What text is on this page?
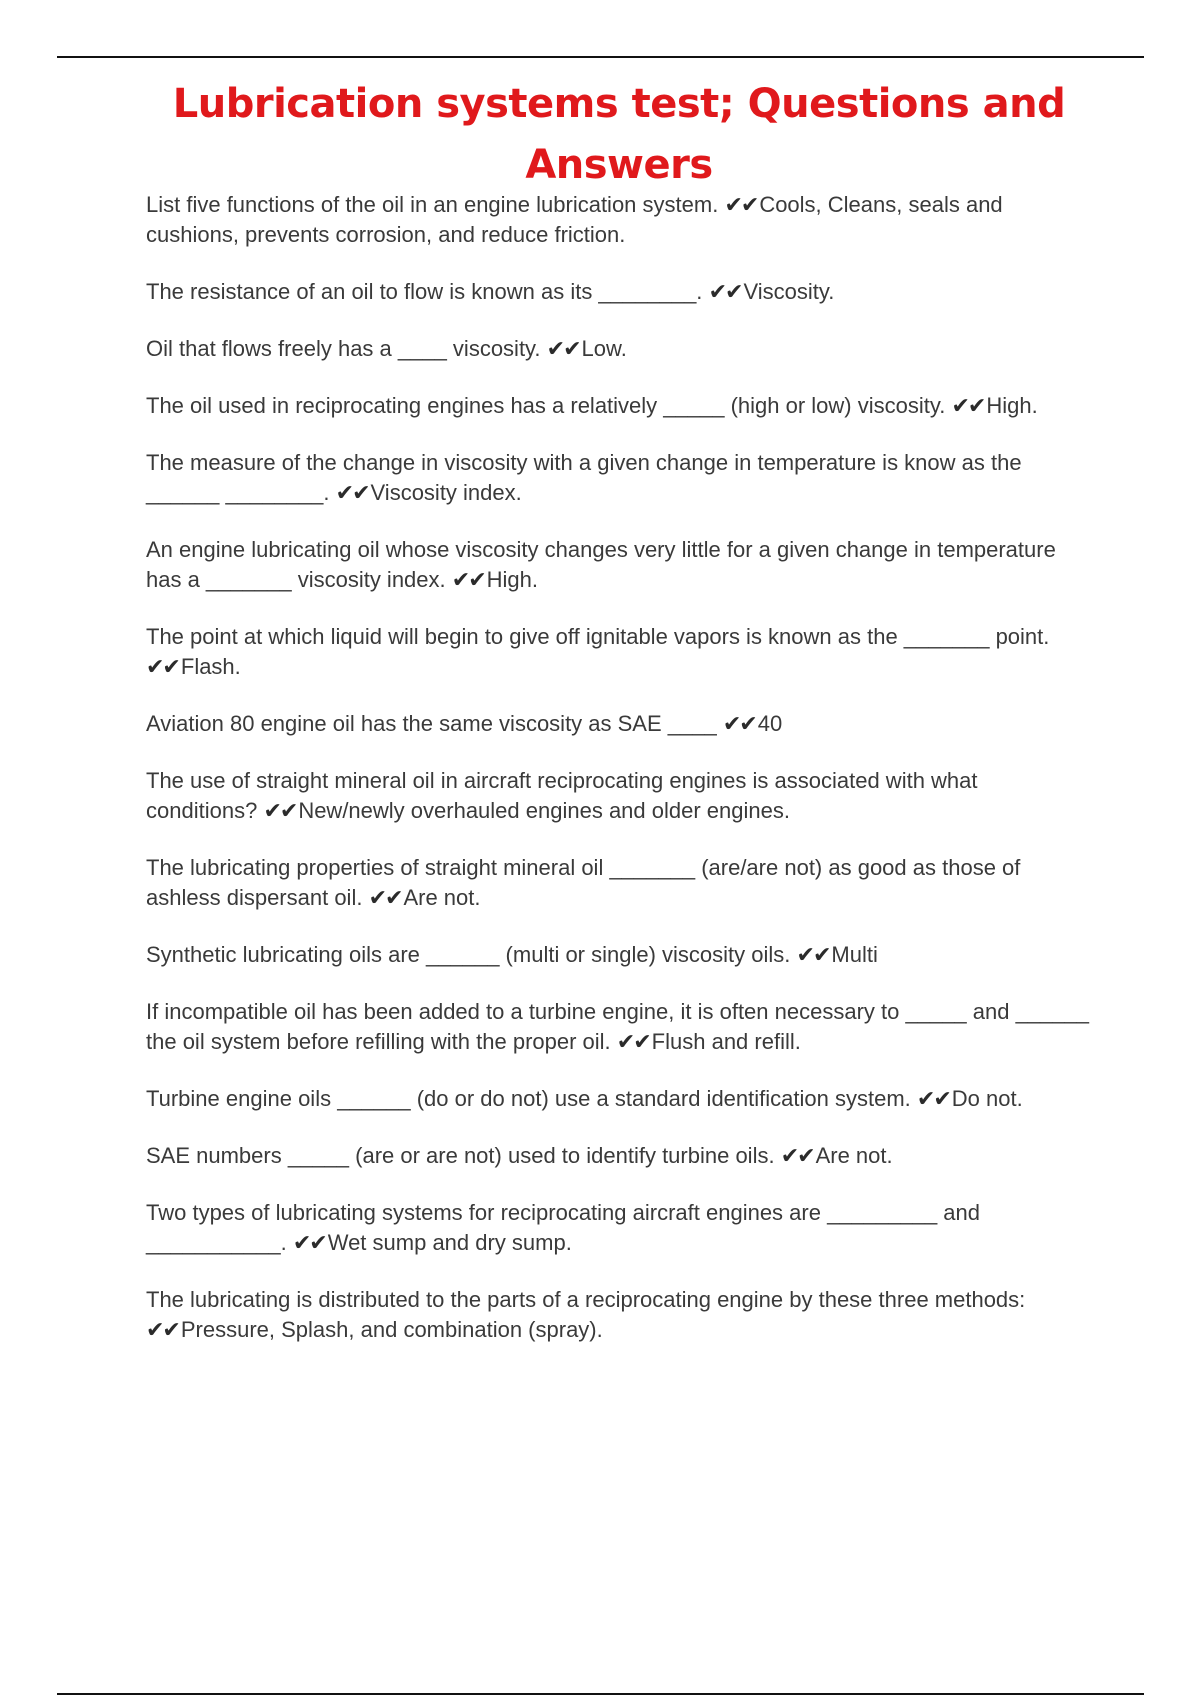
Lubrication systems test; Questions and Answers
List five functions of the oil in an engine lubrication system. ✔✔Cools, Cleans, seals and cushions, prevents corrosion, and reduce friction.
The resistance of an oil to flow is known as its ________. ✔✔Viscosity.
Oil that flows freely has a ____ viscosity. ✔✔Low.
The oil used in reciprocating engines has a relatively _____ (high or low) viscosity. ✔✔High.
The measure of the change in viscosity with a given change in temperature is know as the ______ ________. ✔✔Viscosity index.
An engine lubricating oil whose viscosity changes very little for a given change in temperature has a _______ viscosity index. ✔✔High.
The point at which liquid will begin to give off ignitable vapors is known as the _______ point. ✔✔Flash.
Aviation 80 engine oil has the same viscosity as SAE ____ ✔✔40
The use of straight mineral oil in aircraft reciprocating engines is associated with what conditions? ✔✔New/newly overhauled engines and older engines.
The lubricating properties of straight mineral oil _______ (are/are not) as good as those of ashless dispersant oil. ✔✔Are not.
Synthetic lubricating oils are ______ (multi or single) viscosity oils. ✔✔Multi
If incompatible oil has been added to a turbine engine, it is often necessary to _____ and ______ the oil system before refilling with the proper oil. ✔✔Flush and refill.
Turbine engine oils ______ (do or do not) use a standard identification system. ✔✔Do not.
SAE numbers _____ (are or are not) used to identify turbine oils. ✔✔Are not.
Two types of lubricating systems for reciprocating aircraft engines are _________ and ___________. ✔✔Wet sump and dry sump.
The lubricating is distributed to the parts of a reciprocating engine by these three methods: ✔✔Pressure, Splash, and combination (spray).
